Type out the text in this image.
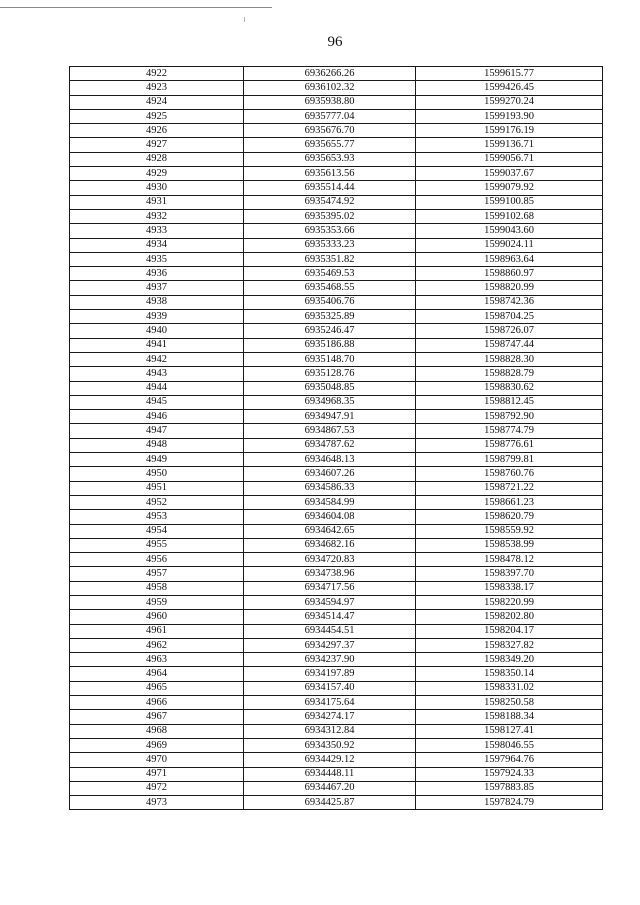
96
4922	6936266.26	1599615.77
4923	6936102.32	1599426.45
4924	6935938.80	1599270.24
4925	6935777.04	1599193.90
4926	6935676.70	1599176.19
4927	6935655.77	1599136.71
4928	6935653.93	1599056.71
4929	6935613.56	1599037.67
4930	6935514.44	1599079.92
4931	6935474.92	1599100.85
4932	6935395.02	1599102.68
4933	6935353.66	1599043.60
4934	6935333.23	1599024.11
4935	6935351.82	1598963.64
4936	6935469.53	1598860.97
4937	6935468.55	1598820.99
4938	6935406.76	1598742.36
4939	6935325.89	1598704.25
4940	6935246.47	1598726.07
4941	6935186.88	1598747.44
4942	6935148.70	1598828.30
4943	6935128.76	1598828.79
4944	6935048.85	1598830.62
4945	6934968.35	1598812.45
4946	6934947.91	1598792.90
4947	6934867.53	1598774.79
4948	6934787.62	1598776.61
4949	6934648.13	1598799.81
4950	6934607.26	1598760.76
4951	6934586.33	1598721.22
4952	6934584.99	1598661.23
4953	6934604.08	1598620.79
4954	6934642.65	1598559.92
4955	6934682.16	1598538.99
4956	6934720.83	1598478.12
4957	6934738.96	1598397.70
4958	6934717.56	1598338.17
4959	6934594.97	1598220.99
4960	6934514.47	1598202.80
4961	6934454.51	1598204.17
4962	6934297.37	1598327.82
4963	6934237.90	1598349.20
4964	6934197.89	1598350.14
4965	6934157.40	1598331.02
4966	6934175.64	1598250.58
4967	6934274.17	1598188.34
4968	6934312.84	1598127.41
4969	6934350.92	1598046.55
4970	6934429.12	1597964.76
4971	6934448.11	1597924.33
4972	6934467.20	1597883.85
4973	6934425.87	1597824.79
